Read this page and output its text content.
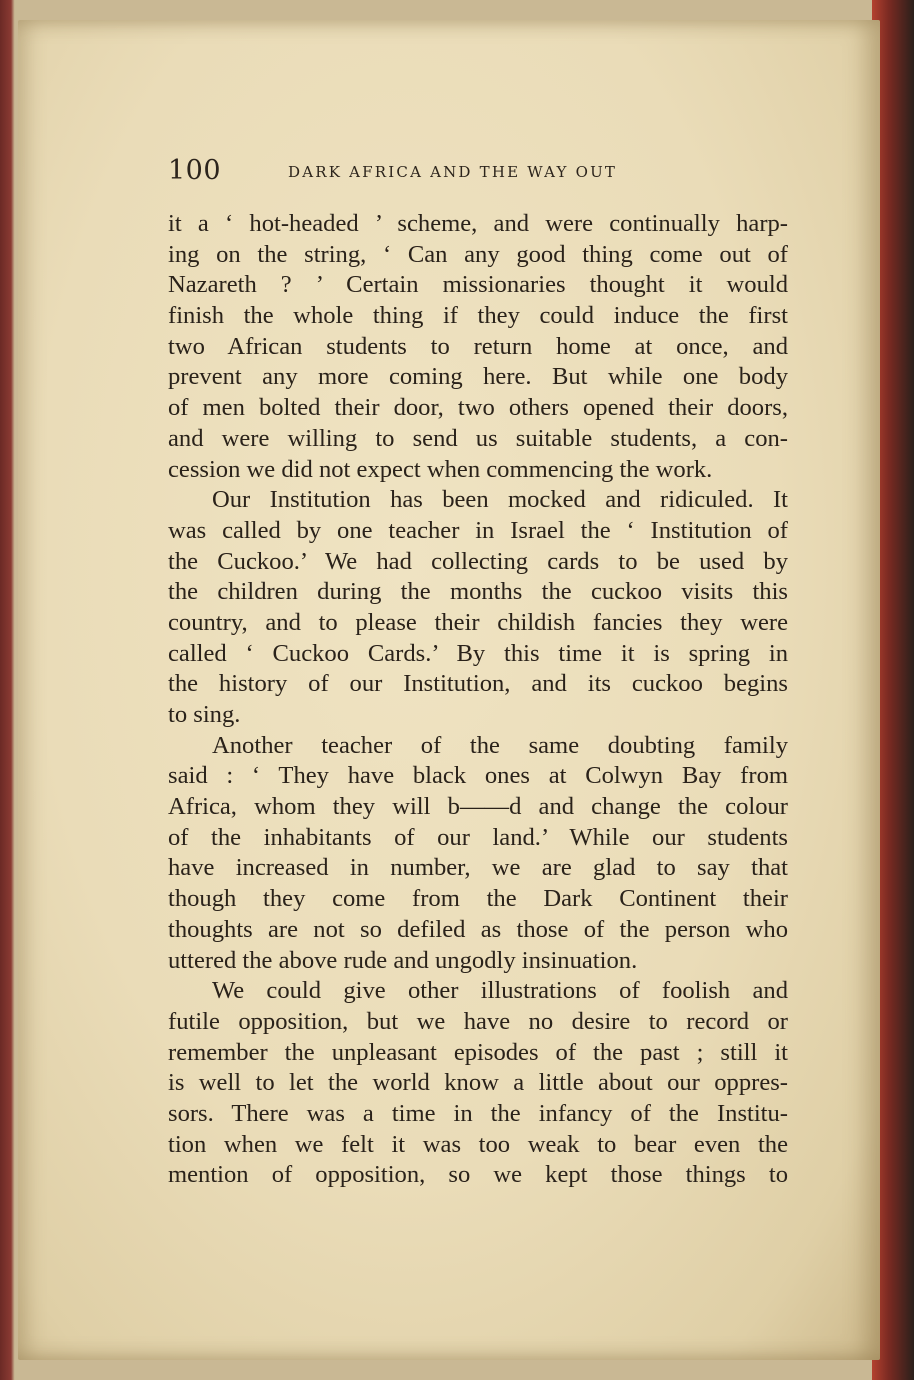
100	DARK AFRICA AND THE WAY OUT
it a ‘ hot-headed ’ scheme, and were continually harp-
ing on the string, ‘ Can any good thing come out of
Nazareth ? ’ Certain missionaries thought it would
finish the whole thing if they could induce the first
two African students to return home at once, and
prevent any more coming here. But while one body
of men bolted their door, two others opened their doors,
and were willing to send us suitable students, a con-
cession we did not expect when commencing the work.
Our Institution has been mocked and ridiculed. It
was called by one teacher in Israel the ‘ Institution of
the Cuckoo.’ We had collecting cards to be used by
the children during the months the cuckoo visits this
country, and to please their childish fancies they were
called ‘ Cuckoo Cards.’ By this time it is spring in
the history of our Institution, and its cuckoo begins
to sing.
Another teacher of the same doubting family
said : ‘ They have black ones at Colwyn Bay from
Africa, whom they will b——d and change the colour
of the inhabitants of our land.’ While our students
have increased in number, we are glad to say that
though they come from the Dark Continent their
thoughts are not so defiled as those of the person who
uttered the above rude and ungodly insinuation.
We could give other illustrations of foolish and
futile opposition, but we have no desire to record or
remember the unpleasant episodes of the past ; still it
is well to let the world know a little about our oppres-
sors. There was a time in the infancy of the Institu-
tion when we felt it was too weak to bear even the
mention of opposition, so we kept those things to
